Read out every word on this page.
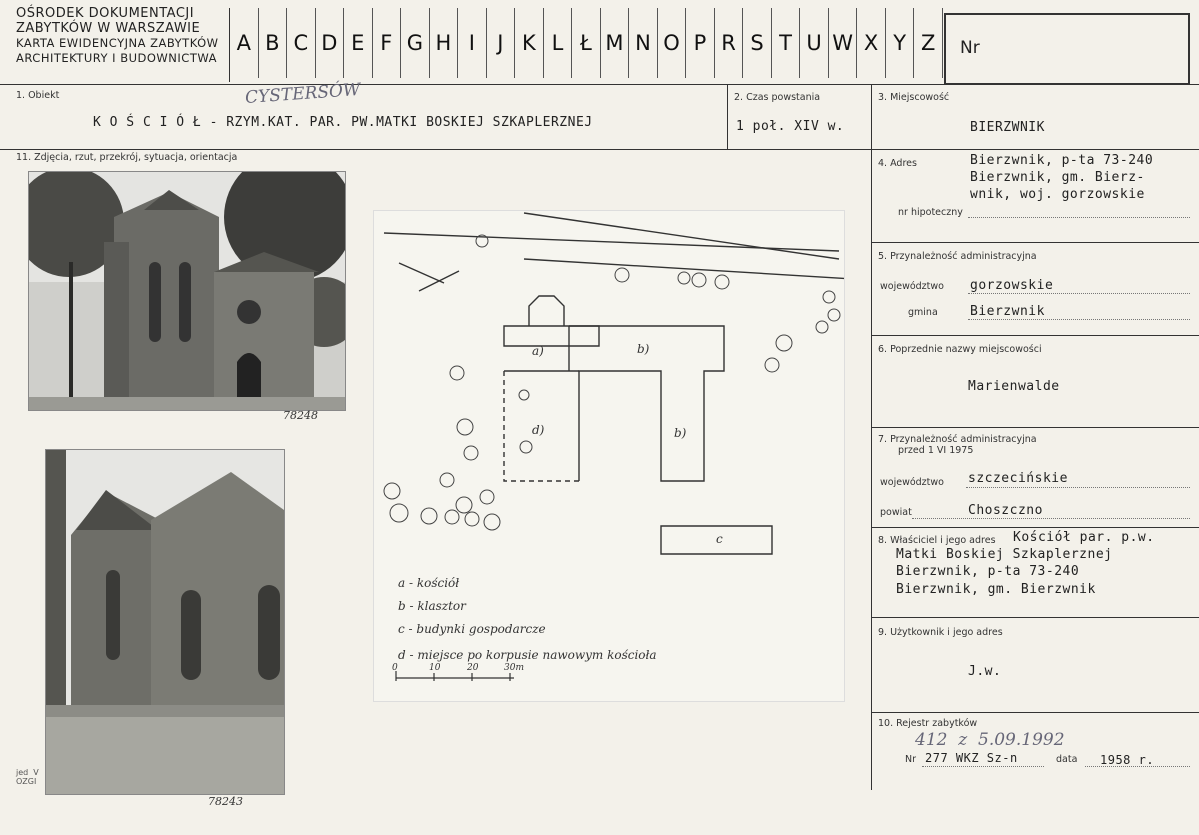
OŚRODEK DOKUMENTACJI
ZABYTKÓW W WARSZAWIE
KARTA EWIDENCYJNA ZABYTKÓW
ARCHITEKTURY I BUDOWNICTWA
A B C D E F G H I	J K L Ł M N O P R S T U W X Y Z	Nr
1. Obiekt	CYSTERSÓW
K O Ś C I Ó Ł - RZYM.KAT. PAR. PW.MATKI BOSKIEJ SZKAPLERZNEJ
2. Czas powstania
1 poł. XIV w.
3. Miejscowość
BIERZWNIK
11. Zdjęcia, rzut, przekrój, sytuacja, orientacja
78248
jed  V
OZGI
78243
a)	b)
b)
d)
c
a - kościół
b - klasztor
c - budynki gospodarcze
d - miejsce po korpusie nawowym kościoła
0	10	20	30m
4. Adres	Bierzwnik, p-ta 73-240
Bierzwnik, gm. Bierz-
wnik, woj. gorzowskie
nr hipoteczny
5. Przynależność administracyjna
województwo gorzowskie
gmina Bierzwnik
6. Poprzednie nazwy miejscowości
Marienwalde
7. Przynależność administracyjna
przed 1 VI 1975
województwo szczecińskie
powiat	Choszczno
8. Właściciel i jego adres Kościół par. p.w.
Matki Boskiej Szkaplerznej
Bierzwnik, p-ta 73-240
Bierzwnik, gm. Bierzwnik
9. Użytkownik i jego adres
J.w.
10. Rejestr zabytków
412  z  5.09.1992
Nr 277 WKZ Sz-n	data 1958 r.
